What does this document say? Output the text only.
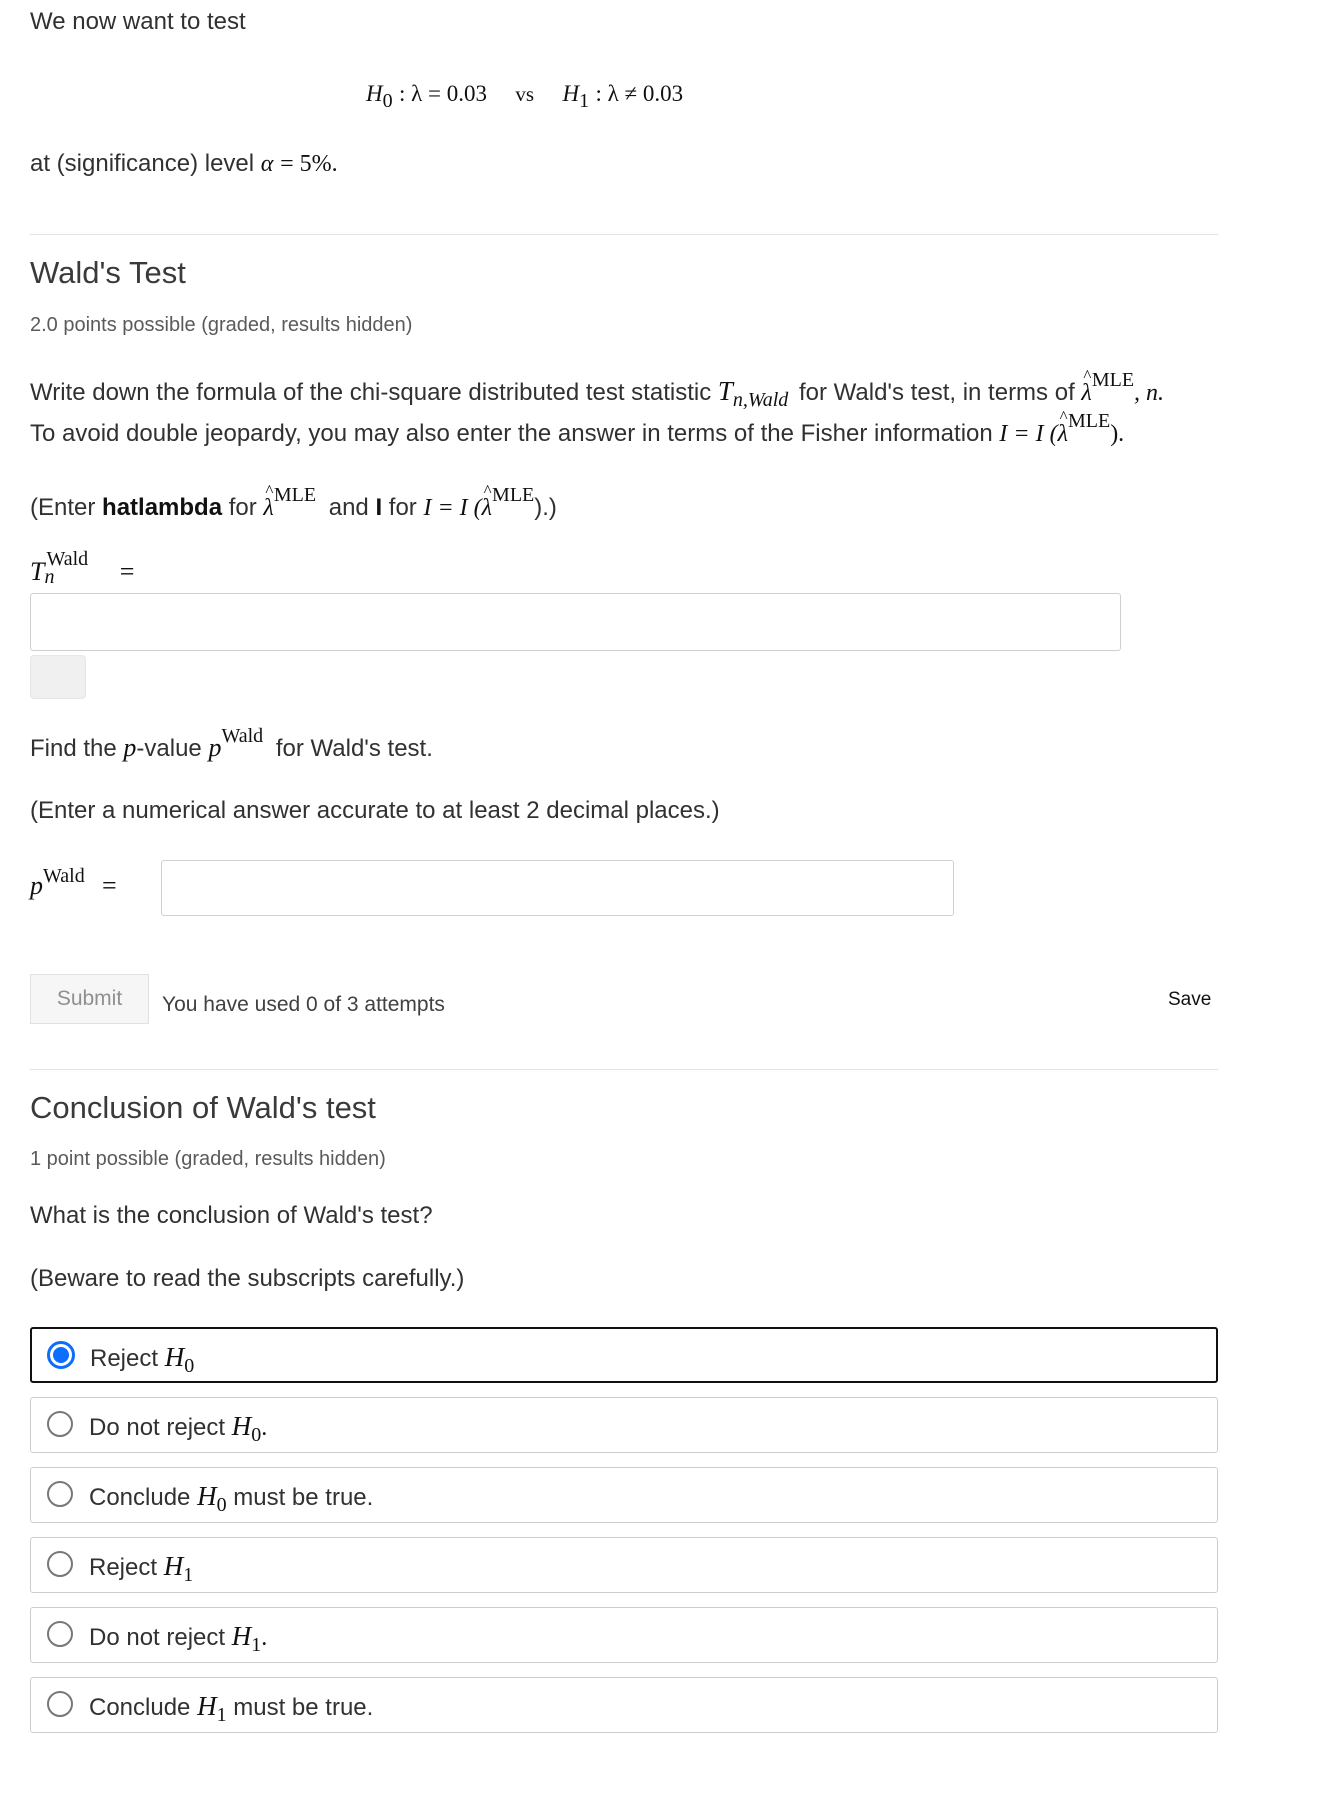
We now want to test
$H_0$ : λ = 0.03 vs $H_1$ : λ ≠ 0.03
at (significance) level α = 5%.
Wald's Test
2.0 points possible (graded, results hidden)
Write down the formula of the chi-square distributed test statistic $T_{n,Wald}$ for Wald's test, in terms of ^ $\lambda^{MLE}$, n.
To avoid double jeopardy, you may also enter the answer in terms of the Fisher information I = I (^ $\lambda^{MLE}$).
(Enter hatlambda for ^ $\lambda^{MLE}$ and I for I = I (^ $\lambda^{MLE}$).)
T Wald
n	=
Find the p-value $p^{Wald}$ for Wald's test.
(Enter a numerical answer accurate to at least 2 decimal places.)
$p^{Wald}$ =
Submit	You have used 0 of 3 attempts	Save
Conclusion of Wald's test
1 point possible (graded, results hidden)
What is the conclusion of Wald's test?
(Beware to read the subscripts carefully.)
Reject $H_0$
Do not reject $H_0$.
Conclude $H_0$ must be true.
Reject $H_1$
Do not reject $H_1$.
Conclude $H_1$ must be true.
